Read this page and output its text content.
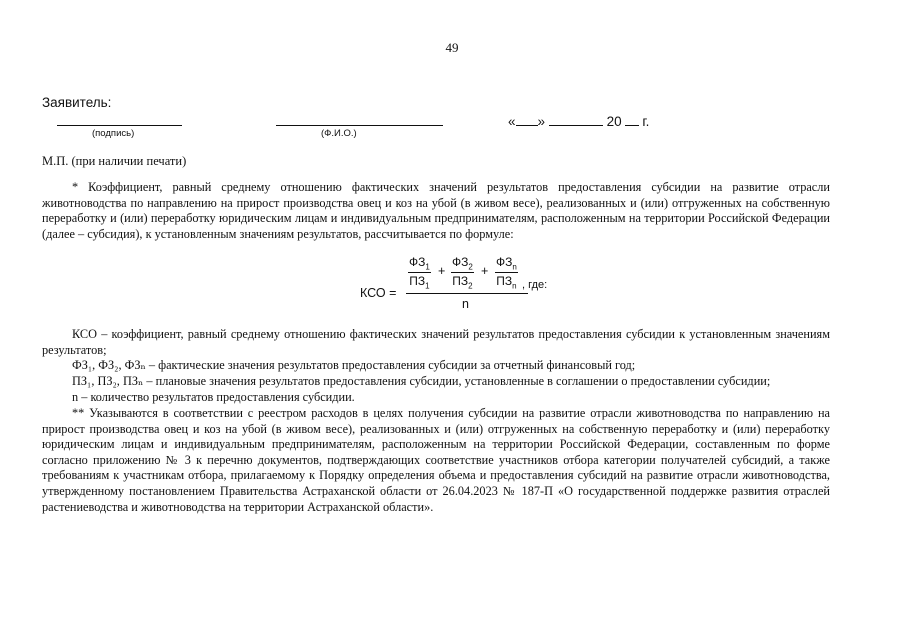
49
Заявитель:
(подпись)	(Ф.И.О.)
« »	20 г.
М.П. (при наличии печати)
* Коэффициент, равный среднему отношению фактических значений результатов предоставления субсидии на развитие отрасли животноводства по направлению на прирост производства овец и коз на убой (в живом весе), реализованных и (или) отгруженных на собственную переработку и (или) переработку юридическим лицам и индивидуальным предпринимателям, расположенным на территории Российской Федерации (далее – субсидия), к установленным значениям результатов, рассчитывается по формуле:
КСО =
$ФЗ_1$
$ПЗ_1$
+
$ФЗ_2$
$ПЗ_2$
+
$ФЗ_n$
$ПЗ_n$ , где:
n
КСО – коэффициент, равный среднему отношению фактических значений результатов предоставления субсидии к установленным значениям результатов;
ФЗ₁, ФЗ₂, ФЗₙ – фактические значения результатов предоставления субсидии за отчетный финансовый год;
ПЗ₁, ПЗ₂, ПЗₙ – плановые значения результатов предоставления субсидии, установленные в соглашении о предоставлении субсидии;
n – количество результатов предоставления субсидии.
** Указываются в соответствии с реестром расходов в целях получения субсидии на развитие отрасли животноводства по направлению на прирост производства овец и коз на убой (в живом весе), реализованных и (или) отгруженных на собственную переработку и (или) переработку юридическим лицам и индивидуальным предпринимателям, расположенным на территории Российской Федерации, составленным по форме согласно приложению № 3 к перечню документов, подтверждающих соответствие участников отбора категории получателей субсидий, а также требованиям к участникам отбора, прилагаемому к Порядку определения объема и предоставления субсидий на развитие отрасли животноводства, утвержденному постановлением Правительства Астраханской области от 26.04.2023 № 187-П «О государственной поддержке развития отраслей растениеводства и животноводства на территории Астраханской области».
